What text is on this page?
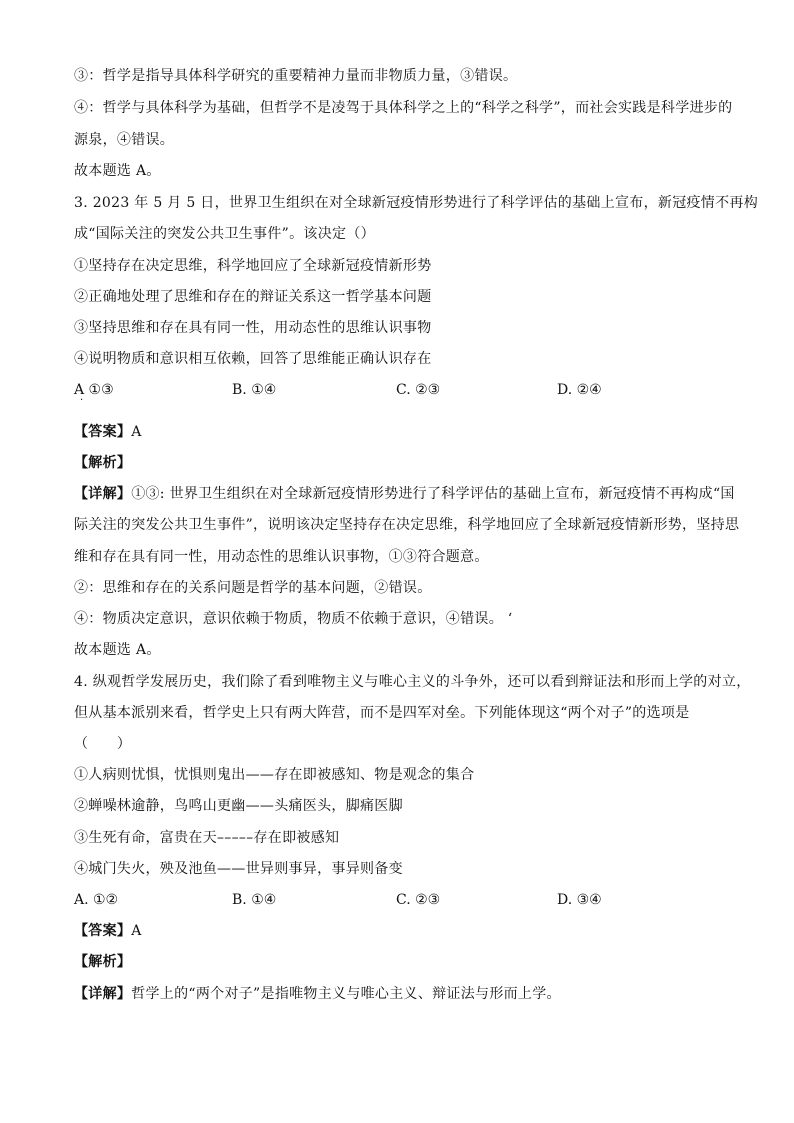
③：哲学是指导具体科学研究的重要精神力量而非物质力量，③错误。
④：哲学与具体科学为基础，但哲学不是凌驾于具体科学之上的“科学之科学”，而社会实践是科学进步的
源泉，④错误。
故本题选 A。
3. 2023 年 5 月 5 日，世界卫生组织在对全球新冠疫情形势进行了科学评估的基础上宣布，新冠疫情不再构
成“国际关注的突发公共卫生事件”。该决定（）
①坚持存在决定思维，科学地回应了全球新冠疫情新形势
②正确地处理了思维和存在的辩证关系这一哲学基本问题
③坚持思维和存在具有同一性，用动态性的思维认识事物
④说明物质和意识相互依赖，回答了思维能正确认识存在
A ①③	B. ①④	C. ②③	D. ②④
·
【答案】A
【解析】
【详解】①③: 世界卫生组织在对全球新冠疫情形势进行了科学评估的基础上宣布，新冠疫情不再构成“国
际关注的突发公共卫生事件”，说明该决定坚持存在决定思维，科学地回应了全球新冠疫情新形势，坚持思
维和存在具有同一性，用动态性的思维认识事物，①③符合题意。
②：思维和存在的关系问题是哲学的基本问题，②错误。
④：物质决定意识，意识依赖于物质，物质不依赖于意识，④错误。 ‘
故本题选 A。
4. 纵观哲学发展历史，我们除了看到唯物主义与唯心主义的斗争外，还可以看到辩证法和形而上学的对立，
但从基本派别来看，哲学史上只有两大阵营，而不是四军对垒。下列能体现这“两个对子”的选项是
（　　）
①人病则忧惧，忧惧则鬼出——存在即被感知、物是观念的集合
②蝉噪林逾静，鸟鸣山更幽——头痛医头，脚痛医脚
③生死有命，富贵在天–––––存在即被感知
④城门失火，殃及池鱼——世异则事异，事异则备变
A. ①②	B. ①④	C. ②③	D. ③④
【答案】A
【解析】
【详解】哲学上的“两个对子”是指唯物主义与唯心主义、辩证法与形而上学。
